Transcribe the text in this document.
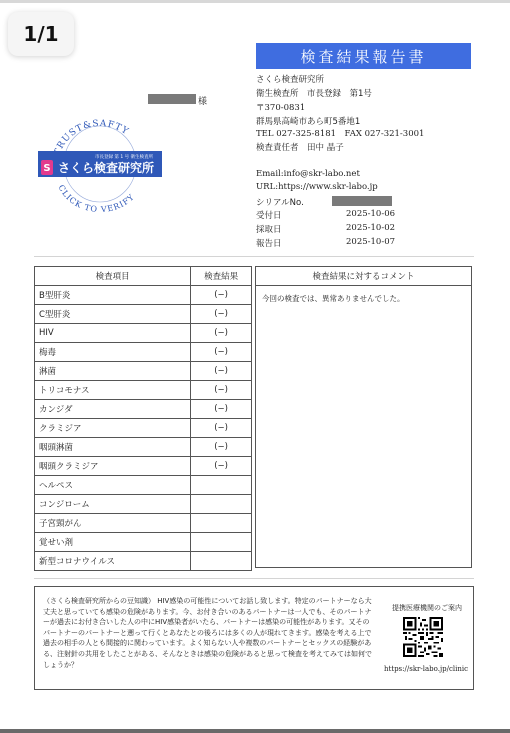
1/1
検査結果報告書
さくら検査研究所
衛生検査所　市長登録　第1号
〒370-0831
群馬県高崎市あら町5番地1
TEL 027-325-8181　FAX 027-321-3001
検査責任者　田中 晶子
様
RUST&SAFTY
CLICK TO VERIFY
市長登録 第 1 号 衛生検査所
S さくら検査研究所	Email:info@skr-labo.net
URL:https://www.skr-labo.jp
シリアルNo.
受付日	2025-10-06
採取日	2025-10-02
報告日	2025-10-07
検査項目	検査結果
B型肝炎	(−)
C型肝炎	(−)
HIV	(−)
梅毒	(−)
淋菌	(−)
トリコモナス	(−)
カンジダ	(−)
クラミジア	(−)
咽頭淋菌	(−)
咽頭クラミジア	(−)
ヘルペス	
コンジローム	
子宮頸がん	
覚せい剤	
新型コロナウイルス	
検査結果に対するコメント
今回の検査では、異常ありませんでした。
（さくら検査研究所からの豆知識） HIV感染の可能性についてお話し致します。特定のパートナーなら大丈夫と思っていても感染の危険があります。今、お付き合いのあるパートナーは一人でも、そのパートナーが過去にお付き合いした人の中にHIV感染者がいたら、パートナーは感染の可能性があります。又そのパートナーのパートナーと遡って行くとあなたとの後ろには多くの人が現れてきます。感染を考える上で過去の相手の人とも間接的に関わっています。よく知らない人や複数のパートナーとセックスの経験がある、注射針の共用をしたことがある、そんなときは感染の危険があると思って検査を考えてみては如何でしょうか？
提携医療機関のご案内
https://skr-labo.jp/clinic
